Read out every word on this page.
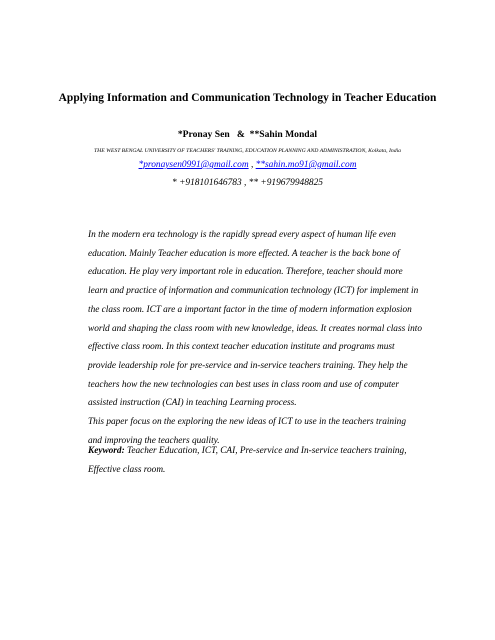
Applying Information and Communication Technology in Teacher Education
*Pronay Sen   &  **Sahin Mondal
THE WEST BENGAL UNIVERSITY OF TEACHERS' TRAINING, EDUCATION PLANNING AND ADMINISTRATION, Kolkata, India
*pronaysen0991@gmail.com , **sahin.mo91@gmail.com
* +918101646783 , ** +919679948825
In the modern era technology is the rapidly spread every aspect of human life even
education. Mainly Teacher education is more effected. A teacher is the back bone of
education. He play very important role in education. Therefore, teacher should more
learn and practice of information and communication technology (ICT) for implement in
the class room. ICT are a important factor in the time of modern information explosion
world and shaping the class room with new knowledge, ideas. It creates normal class into
effective class room. In this context teacher education institute and programs must
provide leadership role for pre-service and in-service teachers training. They help the
teachers how the new technologies can best uses in class room and use of computer
assisted instruction (CAI) in teaching Learning process.
This paper focus on the exploring the new ideas of ICT to use in the teachers training
and improving the teachers quality.
Keyword: Teacher Education, ICT, CAI, Pre-service and In-service teachers training,
Effective class room.
